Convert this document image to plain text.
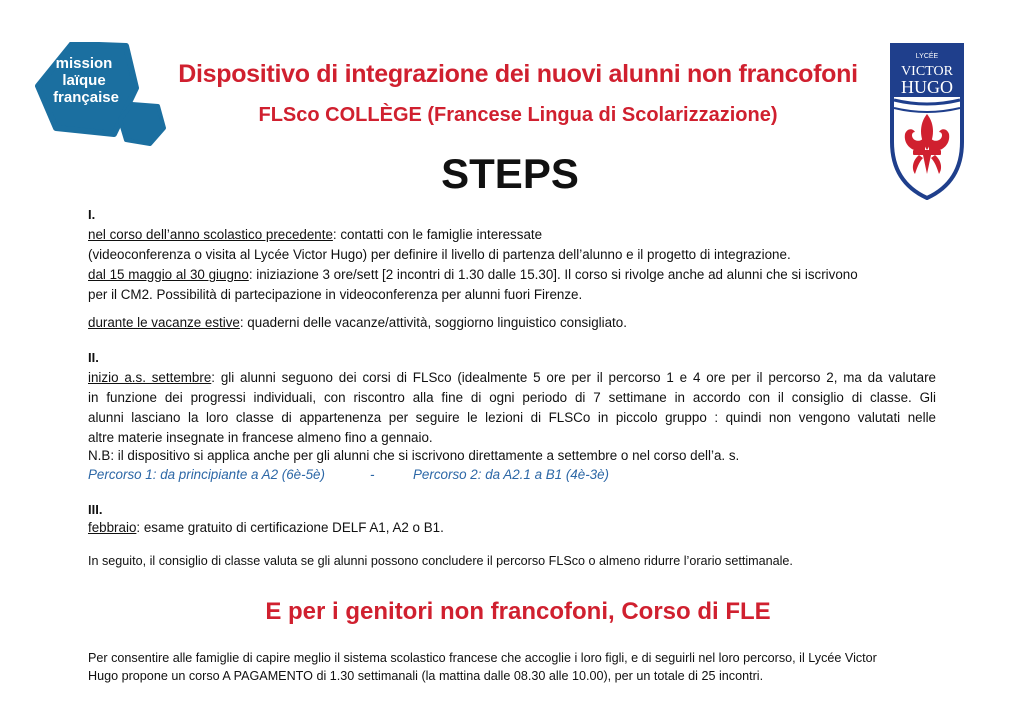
mission
laïque
française
LYCÉE
VICTOR
HUGO
Dispositivo di integrazione dei nuovi alunni non francofoni
FLSco COLLÈGE (Francese Lingua di Scolarizzazione)
STEPS
I.
nel corso dell’anno scolastico precedente: contatti con le famiglie interessate
(videoconferenza o visita al Lycée Victor Hugo) per definire il livello di partenza dell’alunno e il progetto di integrazione.
dal 15 maggio al 30 giugno: iniziazione 3 ore/sett [2 incontri di 1.30 dalle 15.30]. Il corso si rivolge anche ad alunni che si iscrivono
per il CM2. Possibilità di partecipazione in videoconferenza per alunni fuori Firenze.
durante le vacanze estive: quaderni delle vacanze/attività, soggiorno linguistico consigliato.
II.
inizio a.s. settembre: gli alunni seguono dei corsi di FLSco (idealmente 5 ore per il percorso 1 e 4 ore per il percorso 2, ma da valutare
in funzione dei progressi individuali, con riscontro alla fine di ogni periodo di 7 settimane in accordo con il consiglio di classe. Gli
alunni lasciano la loro classe di appartenenza per seguire le lezioni di FLSCo in piccolo gruppo : quindi non vengono valutati nelle
altre materie insegnate in francese almeno fino a gennaio.
N.B: il dispositivo si applica anche per gli alunni che si iscrivono direttamente a settembre o nel corso dell’a. s.
Percorso 1: da principiante a A2 (6è-5è)	-	Percorso 2: da A2.1 a B1 (4è-3è)
III.
febbraio: esame gratuito di certificazione DELF A1, A2 o B1.
In seguito, il consiglio di classe valuta se gli alunni possono concludere il percorso FLSco o almeno ridurre l’orario settimanale.
E per i genitori non francofoni, Corso di FLE
Per consentire alle famiglie di capire meglio il sistema scolastico francese che accoglie i loro figli, e di seguirli nel loro percorso, il Lycée Victor
Hugo propone un corso A PAGAMENTO di 1.30 settimanali (la mattina dalle 08.30 alle 10.00), per un totale di 25 incontri.
